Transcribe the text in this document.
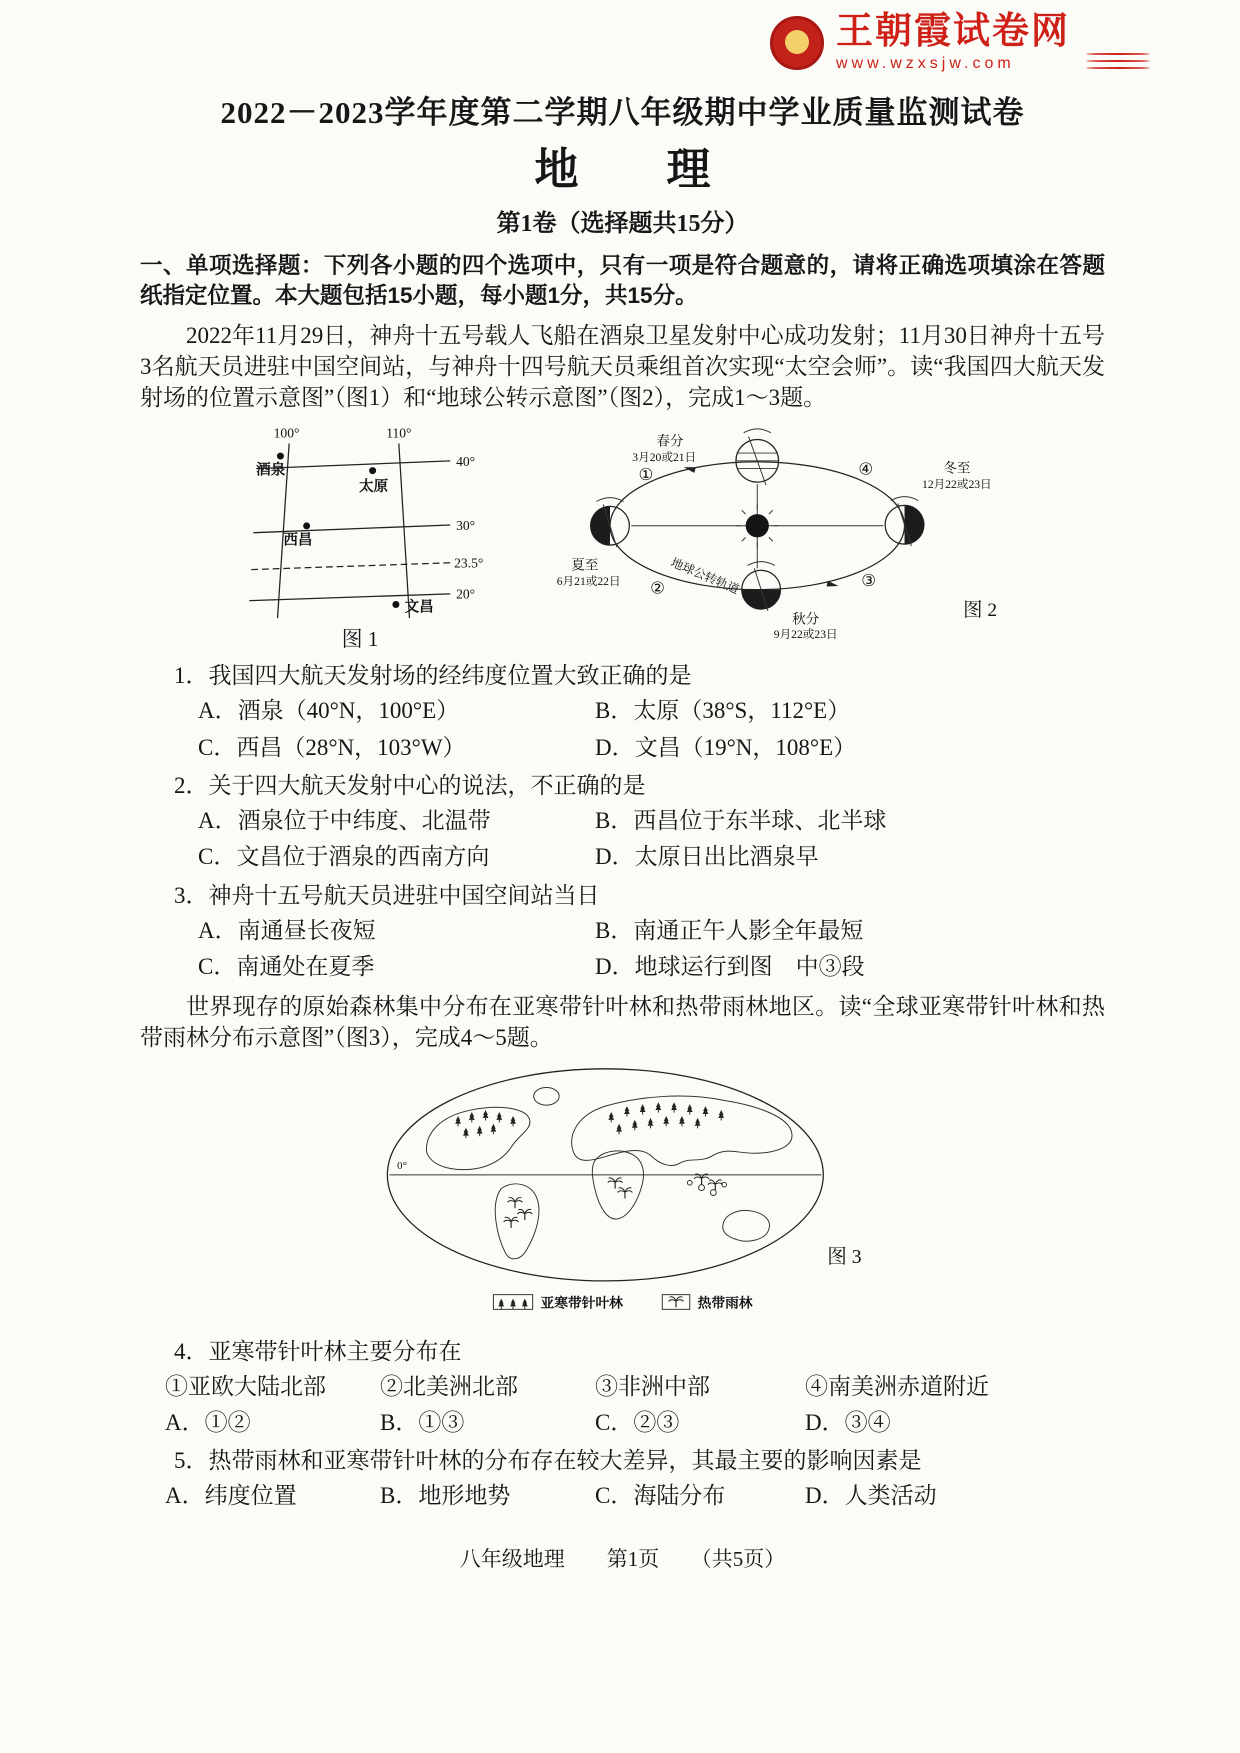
王朝霞试卷网
www.wzxsjw.com
2022－2023学年度第二学期八年级期中学业质量监测试卷
地　　理
第1卷（选择题共15分）

一、单项选择题：下列各小题的四个选项中，只有一项是符合题意的，请将正确选项填涂在答题纸指定位置。本大题包括15小题，每小题1分，共15分。

2022年11月29日，神舟十五号载人飞船在酒泉卫星发射中心成功发射；11月30日神舟十五号3名航天员进驻中国空间站，与神舟十四号航天员乘组首次实现“太空会师”。读“我国四大航天发射场的位置示意图”（图1）和“地球公转示意图”（图2），完成1～3题。

100°	110°
40°
30°
23.5°
20°
酒泉
太原
西昌
文昌
图 1
春分
3月20或21日
冬至
12月22或23日
夏至
6月21或22日
秋分
9月22或23日
①	④
②	③
地球公转轨道
图 2
1．我国四大航天发射场的经纬度位置大致正确的是
A．酒泉（40°N，100°E）	B．太原（38°S，112°E）
C．西昌（28°N，103°W）	D．文昌（19°N，108°E）
2．关于四大航天发射中心的说法，不正确的是
A．酒泉位于中纬度、北温带	B．西昌位于东半球、北半球
C．文昌位于酒泉的西南方向	D．太原日出比酒泉早
3．神舟十五号航天员进驻中国空间站当日
A．南通昼长夜短	B．南通正午人影全年最短
C．南通处在夏季	D．地球运行到图　中③段

世界现存的原始森林集中分布在亚寒带针叶林和热带雨林地区。读“全球亚寒带针叶林和热带雨林分布示意图”（图3），完成4～5题。

0°
亚寒带针叶林	热带雨林
图 3
4．亚寒带针叶林主要分布在
①亚欧大陆北部	②北美洲北部	③非洲中部	④南美洲赤道附近
A．①②	B．①③	C．②③	D．③④
5．热带雨林和亚寒带针叶林的分布存在较大差异，其最主要的影响因素是
A．纬度位置	B．地形地势	C．海陆分布	D．人类活动
八年级地理　　第1页　　（共5页）
